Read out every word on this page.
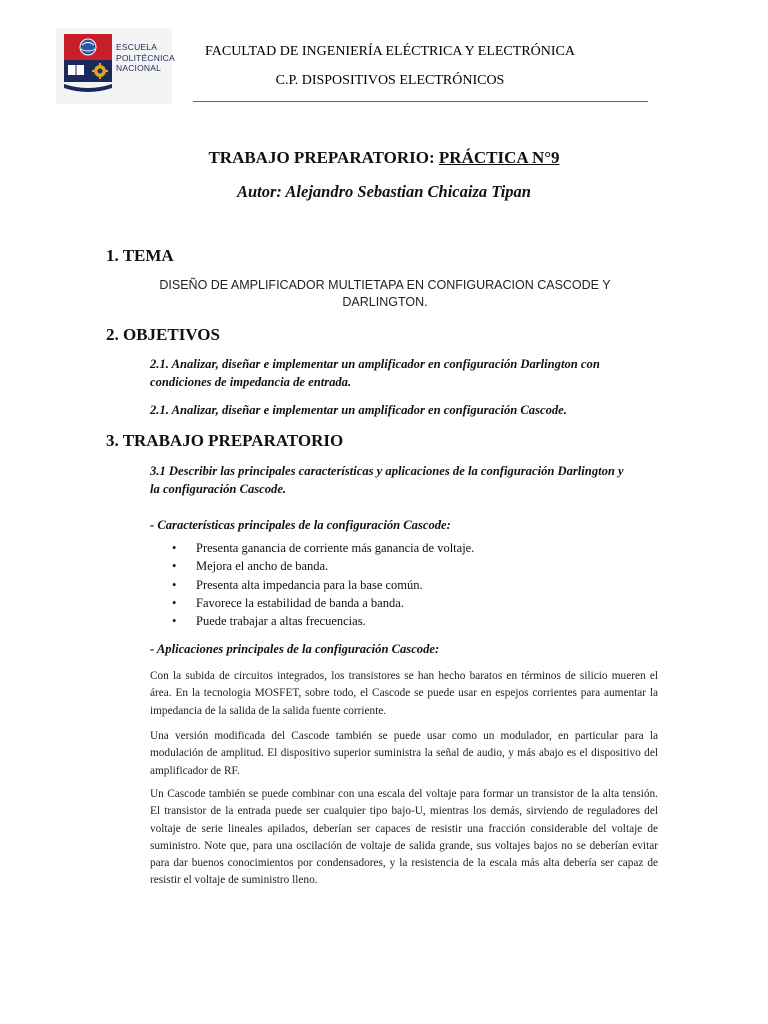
ESCUELA
POLITÉCNICA
NACIONAL
FACULTAD DE INGENIERÍA ELÉCTRICA Y ELECTRÓNICA
C.P. DISPOSITIVOS ELECTRÓNICOS
TRABAJO PREPARATORIO: PRÁCTICA N°9
Autor: Alejandro Sebastian Chicaiza Tipan
1. TEMA
DISEÑO DE AMPLIFICADOR MULTIETAPA EN CONFIGURACION CASCODE Y
DARLINGTON.
2. OBJETIVOS
2.1. Analizar, diseñar e implementar un amplificador en configuración Darlington con condiciones de impedancia de entrada.
2.1. Analizar, diseñar e implementar un amplificador en configuración Cascode.
3. TRABAJO PREPARATORIO
3.1 Describir las principales características y aplicaciones de la configuración Darlington y la configuración Cascode.
- Características principales de la configuración Cascode:
• Presenta ganancia de corriente más ganancia de voltaje.
• Mejora el ancho de banda.
• Presenta alta impedancia para la base común.
• Favorece la estabilidad de banda a banda.
• Puede trabajar a altas frecuencias.
- Aplicaciones principales de la configuración Cascode:
Con la subida de circuitos integrados, los transistores se han hecho baratos en términos de silicio mueren el área. En la tecnologia MOSFET, sobre todo, el Cascode se puede usar en espejos corrientes para aumentar la impedancia de la salida de la salida fuente corriente.
Una versión modificada del Cascode también se puede usar como un modulador, en particular para la modulación de amplitud. El dispositivo superior suministra la señal de audio, y más abajo es el dispositivo del amplificador de RF.
Un Cascode también se puede combinar con una escala del voltaje para formar un transistor de la alta tensión. El transistor de la entrada puede ser cualquier tipo bajo-U, mientras los demás, sirviendo de reguladores del voltaje de serie lineales apilados, deberían ser capaces de resistir una fracción considerable del voltaje de suministro. Note que, para una oscilación de voltaje de salida grande, sus voltajes bajos no se deberían evitar para dar buenos conocimientos por condensadores, y la resistencia de la escala más alta debería ser capaz de resistir el voltaje de suministro lleno.
